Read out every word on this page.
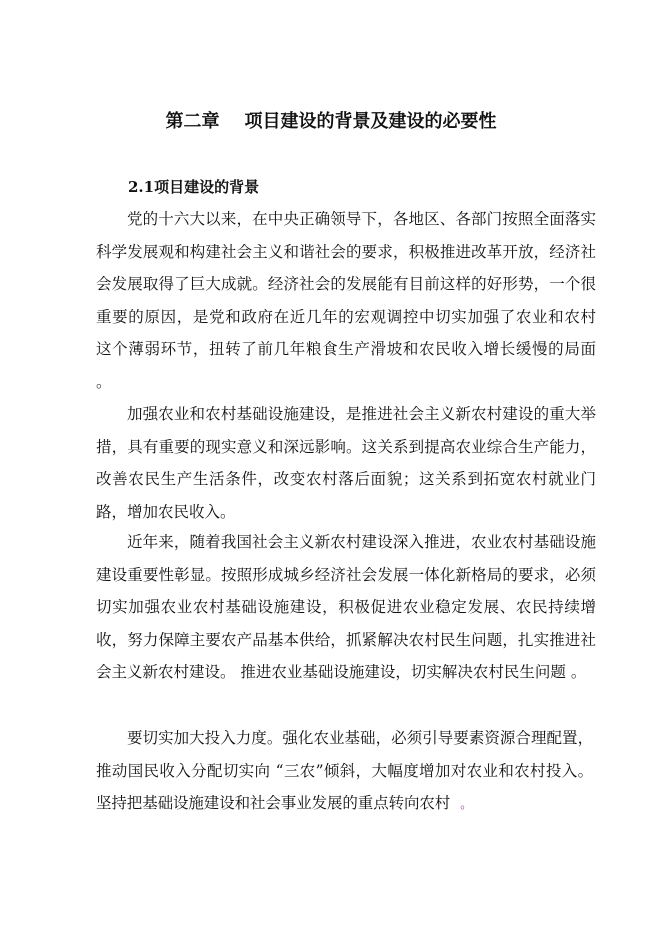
第二章    项目建设的背景及建设的必要性
2.1项目建设的背景
党的十六大以来，在中央正确领导下，各地区、各部门按照全面落实科学发展观和构建社会主义和谐社会的要求，积极推进改革开放，经济社会发展取得了巨大成就。经济社会的发展能有目前这样的好形势，一个很重要的原因，是党和政府在近几年的宏观调控中切实加强了农业和农村 这个薄弱环节，扭转了前几年粮食生产滑坡和农民收入增长缓慢的局面 。
加强农业和农村基础设施建设，是推进社会主义新农村建设的重大举措，具有重要的现实意义和深远影响。这关系到提高农业综合生产能力，改善农民生产生活条件，改变农村落后面貌；这关系到拓宽农村就业门路，增加农民收入。
近年来，随着我国社会主义新农村建设深入推进，农业农村基础设施建设重要性彰显。按照形成城乡经济社会发展一体化新格局的要求，必须切实加强农业农村基础设施建设，积极促进农业稳定发展、农民持续增收，努力保障主要农产品基本供给，抓紧解决农村民生问题，扎实推进社会主义新农村建设。 推进农业基础设施建设，切实解决农村民生问题 。
要切实加大投入力度。强化农业基础，必须引导要素资源合理配置，推动国民收入分配切实向 “三农”倾斜，大幅度增加对农业和农村投入。坚持把基础设施建设和社会事业发展的重点转向农村 。
